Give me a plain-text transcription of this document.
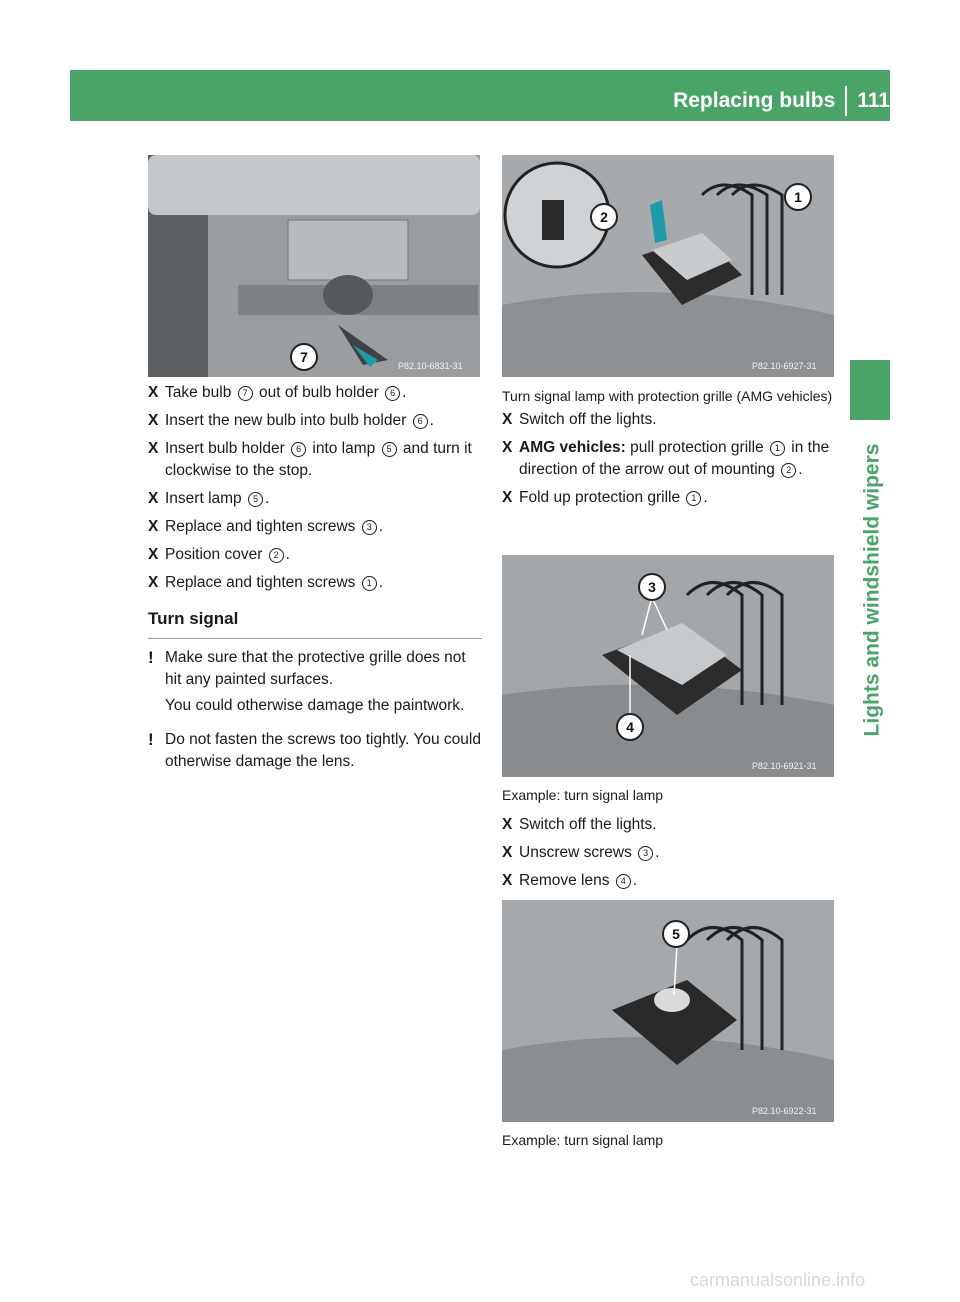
Replacing bulbs 111
Lights and windshield wipers
7
P82.10-6831-31
X Take bulb 7 out of bulb holder 6 .
X Insert the new bulb into bulb holder 6 .
X Insert bulb holder 6 into lamp 5 and turn it clockwise to the stop.
X Insert lamp 5 .
X Replace and tighten screws 3 .
X Position cover 2 .
X Replace and tighten screws 1 .
Turn signal
! Make sure that the protective grille does not hit any painted surfaces.

You could otherwise damage the paintwork.

! Do not fasten the screws too tightly. You could otherwise damage the lens.

1
2
P82.10-6927-31
Turn signal lamp with protection grille (AMG vehicles)
X Switch off the lights.
X AMG vehicles: pull protection grille 1 in the direction of the arrow out of mounting 2 .
X Fold up protection grille 1 .
3
4
P82.10-6921-31
Example: turn signal lamp
X Switch off the lights.
X Unscrew screws 3 .
X Remove lens 4 .
5
P82.10-6922-31
Example: turn signal lamp
carmanualsonline.info
